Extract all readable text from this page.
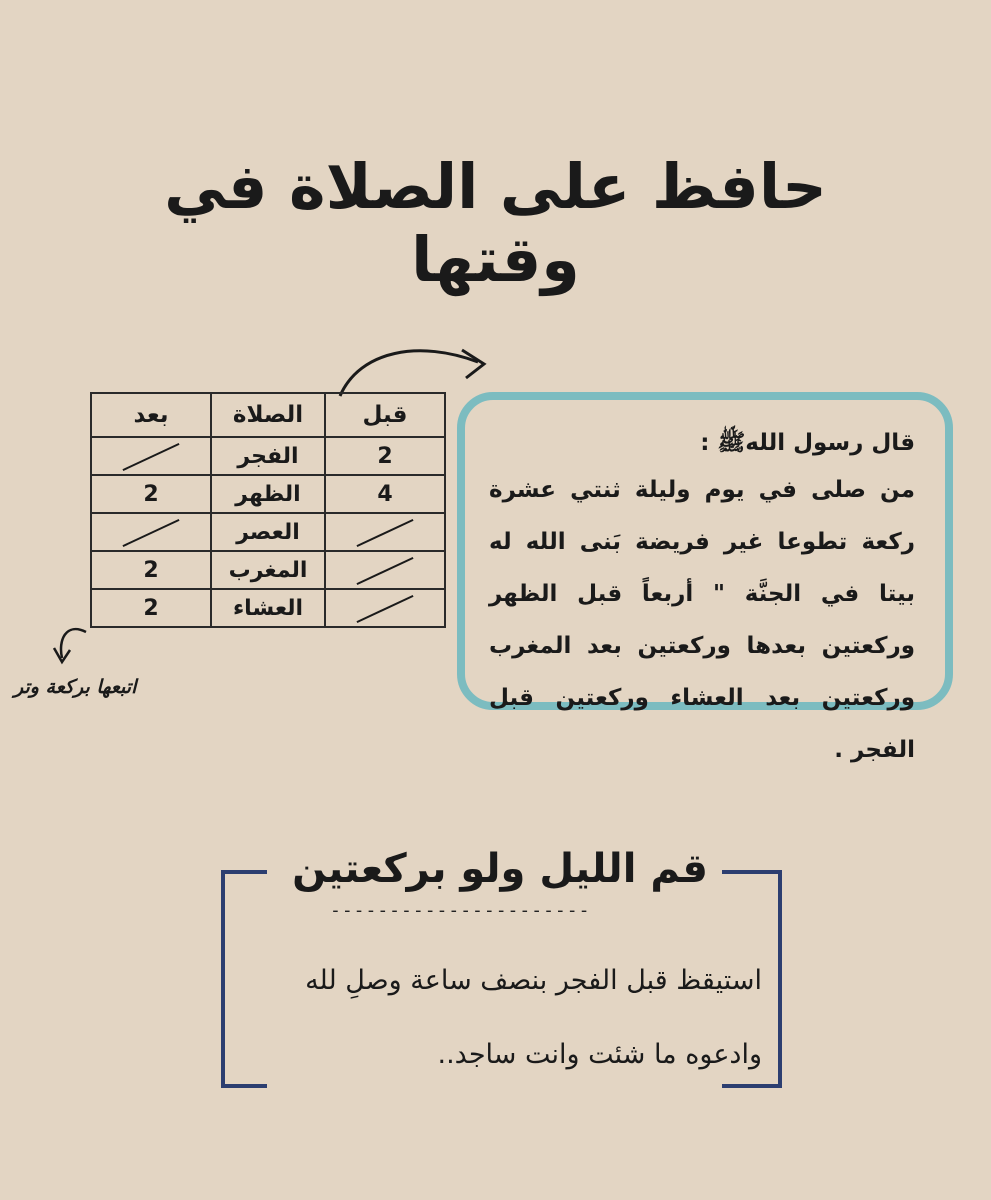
حافظ على الصلاة في وقتها
قبل	الصلاة	بعد
2	الفجر	
4	الظهر	2
	العصر	
	المغرب	2
	العشاء	2
اتبعها بركعة وتر
قال رسول اللهﷺ :
من صلى في يوم وليلة ثنتي عشرة ركعة تطوعا غير فريضة بَنى الله له بيتا في الجنَّة " أربعاً قبل الظهر وركعتين بعدها وركعتين بعد المغرب وركعتين بعد العشاء وركعتين قبل الفجر .
قم الليل ولو بركعتين
----------------------
استيقظ قبل الفجر بنصف ساعة وصلِ لله
وادعوه ما شئت وانت ساجد..
